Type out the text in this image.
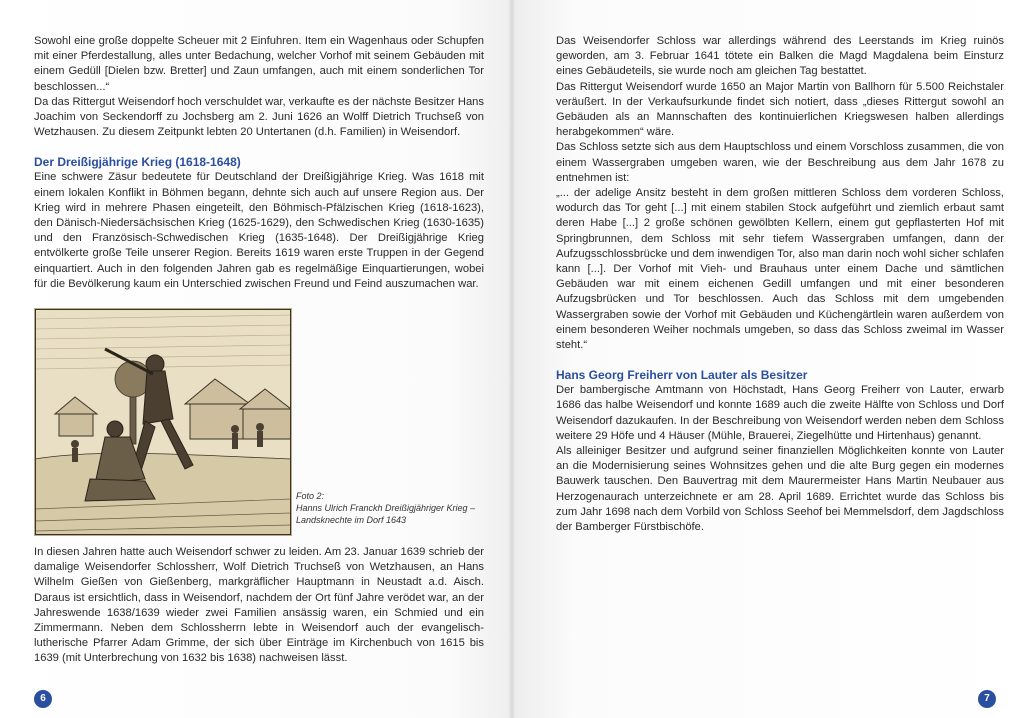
Sowohl eine große doppelte Scheuer mit 2 Einfuhren. Item ein Wagenhaus oder Schupfen mit einer Pferdestallung, alles unter Bedachung, welcher Vorhof mit seinem Gebäuden mit einem Gedüll [Dielen bzw. Bretter] und Zaun umfangen, auch mit einem sonderlichen Tor beschlossen...“

Da das Rittergut Weisendorf hoch verschuldet war, verkaufte es der nächste Besitzer Hans Joachim von Seckendorff zu Jochsberg am 2. Juni 1626 an Wolff Dietrich Truchseß von Wetzhausen. Zu diesem Zeitpunkt lebten 20 Untertanen (d.h. Familien) in Weisendorf.

Der Dreißigjährige Krieg (1618-1648)

Eine schwere Zäsur bedeutete für Deutschland der Dreißigjährige Krieg. Was 1618 mit einem lokalen Konflikt in Böhmen begann, dehnte sich auch auf unsere Region aus. Der Krieg wird in mehrere Phasen eingeteilt, den Böhmisch-Pfälzischen Krieg (1618-1623), den Dänisch-Niedersächsischen Krieg (1625-1629), den Schwedischen Krieg (1630-1635) und den Französisch-Schwedischen Krieg (1635-1648). Der Dreißigjährige Krieg entvölkerte große Teile unserer Region. Bereits 1619 waren erste Truppen in der Gegend einquartiert. Auch in den folgenden Jahren gab es regelmäßige Einquartierungen, wobei für die Bevölkerung kaum ein Unterschied zwischen Freund und Feind auszumachen war.

Foto 2:
Hanns Ulrich Franckh Dreißigjähriger Krieg –
Landsknechte im Dorf 1643

In diesen Jahren hatte auch Weisendorf schwer zu leiden. Am 23. Januar 1639 schrieb der damalige Weisendorfer Schlossherr, Wolf Dietrich Truchseß von Wetzhausen, an Hans Wilhelm Gießen von Gießenberg, markgräflicher Hauptmann in Neustadt a.d. Aisch. Daraus ist ersichtlich, dass in Weisendorf, nachdem der Ort fünf Jahre verödet war, an der Jahreswende 1638/1639 wieder zwei Familien ansässig waren, ein Schmied und ein Zimmermann. Neben dem Schlossherrn lebte in Weisendorf auch der evangelisch-lutherische Pfarrer Adam Grimme, der sich über Einträge im Kirchenbuch von 1615 bis 1639 (mit Unterbrechung von 1632 bis 1638) nachweisen lässt.

6

Das Weisendorfer Schloss war allerdings während des Leerstands im Krieg ruinös geworden, am 3. Februar 1641 tötete ein Balken die Magd Magdalena beim Einsturz eines Gebäudeteils, sie wurde noch am gleichen Tag bestattet.

Das Rittergut Weisendorf wurde 1650 an Major Martin von Ballhorn für 5.500 Reichstaler veräußert. In der Verkaufsurkunde findet sich notiert, dass „dieses Rittergut sowohl an Gebäuden als an Mannschaften des kontinuierlichen Kriegswesen halben allerdings herabgekommen“ wäre.

Das Schloss setzte sich aus dem Hauptschloss und einem Vorschloss zusammen, die von einem Wassergraben umgeben waren, wie der Beschreibung aus dem Jahr 1678 zu entnehmen ist:

„... der adelige Ansitz besteht in dem großen mittleren Schloss dem vorderen Schloss, wodurch das Tor geht [...] mit einem stabilen Stock aufgeführt und ziemlich erbaut samt deren Habe [...] 2 große schönen gewölbten Kellern, einem gut gepflasterten Hof mit Springbrunnen, dem Schloss mit sehr tiefem Wassergraben umfangen, dann der Aufzugsschlossbrücke und dem inwendigen Tor, also man darin noch wohl sicher schlafen kann [...]. Der Vorhof mit Vieh- und Brauhaus unter einem Dache und sämtlichen Gebäuden war mit einem eichenen Gedill umfangen und mit einer besonderen Aufzugsbrücken und Tor beschlossen. Auch das Schloss mit dem umgebenden Wassergraben sowie der Vorhof mit Gebäuden und Küchengärtlein waren außerdem von einem besonderen Weiher nochmals umgeben, so dass das Schloss zweimal im Wasser steht.“

Hans Georg Freiherr von Lauter als Besitzer

Der bambergische Amtmann von Höchstadt, Hans Georg Freiherr von Lauter, erwarb 1686 das halbe Weisendorf und konnte 1689 auch die zweite Hälfte von Schloss und Dorf Weisendorf dazukaufen. In der Beschreibung von Weisendorf werden neben dem Schloss weitere 29 Höfe und 4 Häuser (Mühle, Brauerei, Ziegelhütte und Hirtenhaus) genannt.

Als alleiniger Besitzer und aufgrund seiner finanziellen Möglichkeiten konnte von Lauter an die Modernisierung seines Wohnsitzes gehen und die alte Burg gegen ein modernes Bauwerk tauschen. Den Bauvertrag mit dem Maurermeister Hans Martin Neubauer aus Herzogenaurach unterzeichnete er am 28. April 1689. Errichtet wurde das Schloss bis zum Jahr 1698 nach dem Vorbild von Schloss Seehof bei Memmelsdorf, dem Jagdschloss der Bamberger Fürstbischöfe.

7
